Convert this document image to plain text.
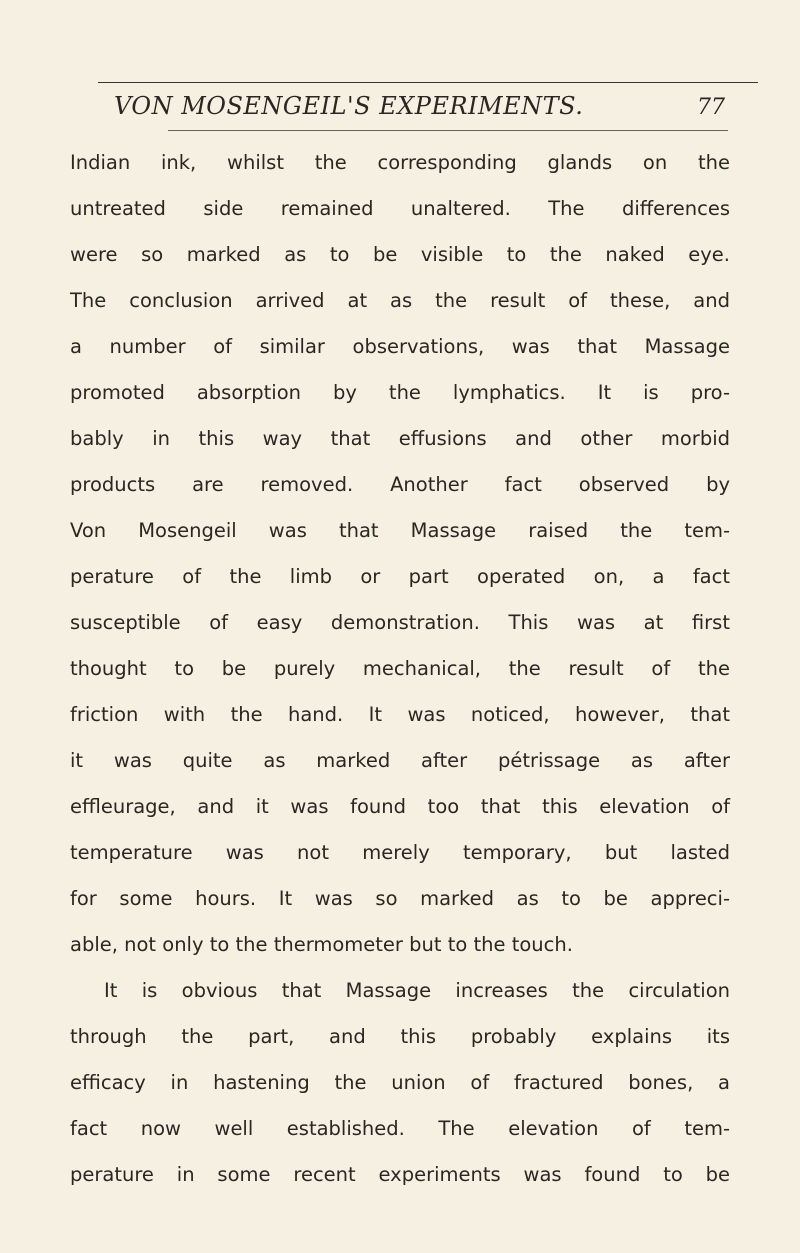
VON MOSENGEIL'S EXPERIMENTS.	77
Indian ink, whilst the corresponding glands on the
untreated side remained unaltered. The differences
were so marked as to be visible to the naked eye.
The conclusion arrived at as the result of these, and
a number of similar observations, was that Massage
promoted absorption by the lymphatics. It is pro-
bably in this way that effusions and other morbid
products are removed. Another fact observed by
Von Mosengeil was that Massage raised the tem-
perature of the limb or part operated on, a fact
susceptible of easy demonstration. This was at first
thought to be purely mechanical, the result of the
friction with the hand. It was noticed, however, that
it was quite as marked after pétrissage as after
effleurage, and it was found too that this elevation of
temperature was not merely temporary, but lasted
for some hours. It was so marked as to be appreci-
able, not only to the thermometer but to the touch.
It is obvious that Massage increases the circulation
through the part, and this probably explains its
efficacy in hastening the union of fractured bones, a
fact now well established. The elevation of tem-
perature in some recent experiments was found to be
